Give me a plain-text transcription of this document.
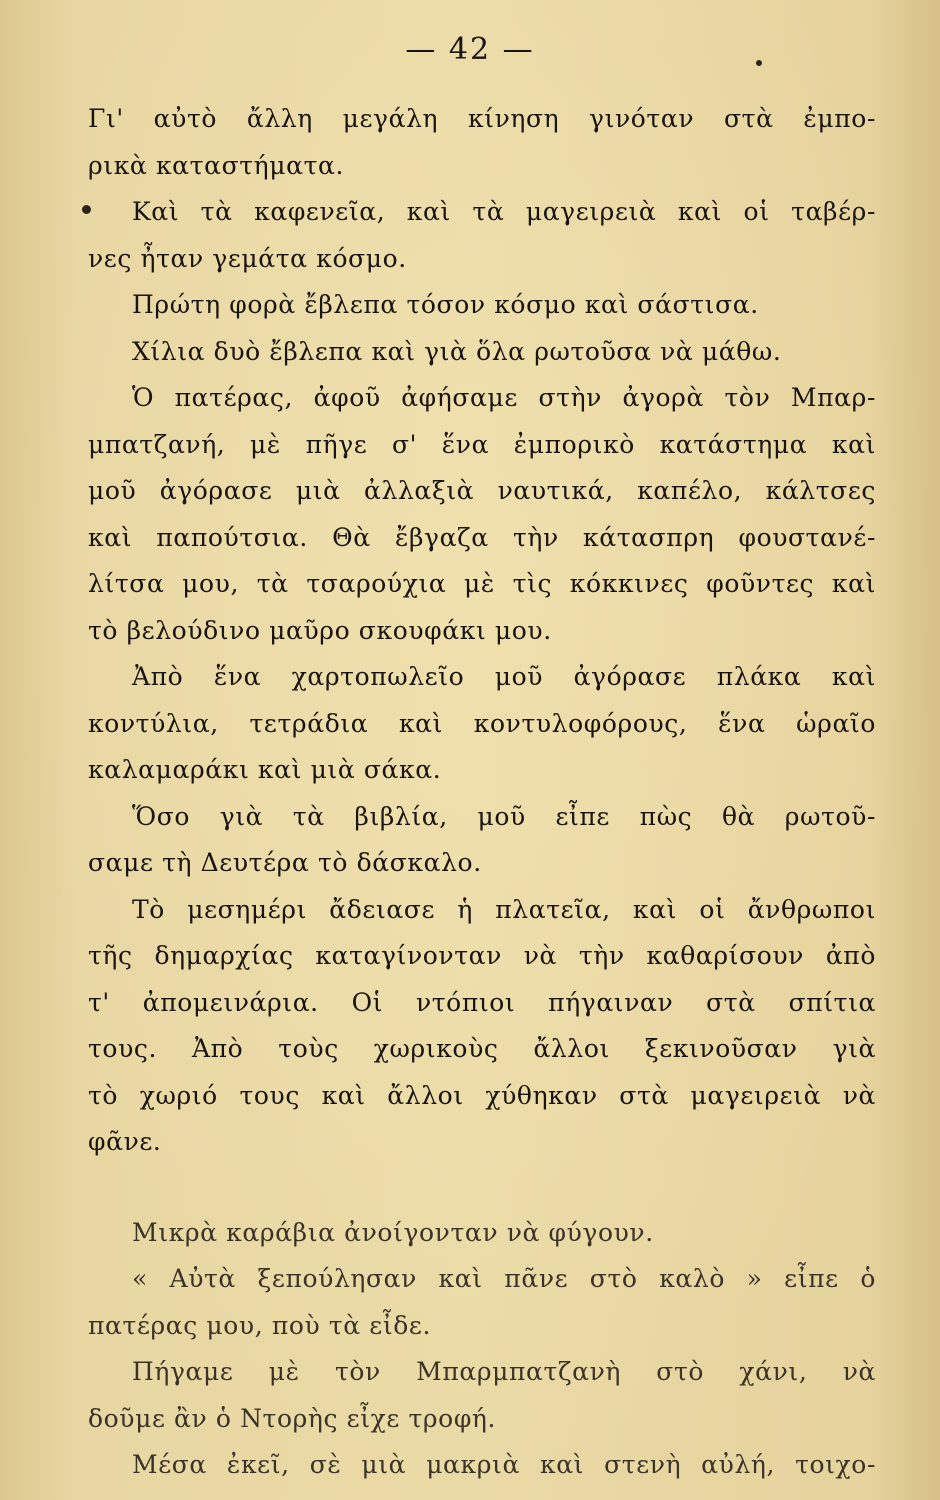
— 42 —
Γι' αὐτὸ ἄλλη μεγάλη κίνηση γινόταν στὰ ἐμπο-
ρικὰ καταστήματα.
Καὶ τὰ καφενεῖα, καὶ τὰ μαγειρειὰ καὶ οἱ ταβέρ-
νες ἦταν γεμάτα κόσμο.
Πρώτη φορὰ ἔβλεπα τόσον κόσμο καὶ σάστισα.
Χίλια δυὸ ἔβλεπα καὶ γιὰ ὅλα ρωτοῦσα νὰ μάθω.
Ὁ πατέρας, ἀφοῦ ἀφήσαμε στὴν ἀγορὰ τὸν Μπαρ-
μπατζανή, μὲ πῆγε σ' ἕνα ἐμπορικὸ κατάστημα καὶ
μοῦ ἀγόρασε μιὰ ἀλλαξιὰ ναυτικά, καπέλο, κάλτσες
καὶ παπούτσια. Θὰ ἔβγαζα τὴν κάτασπρη φουστανέ-
λίτσα μου, τὰ τσαρούχια μὲ τὶς κόκκινες φοῦντες καὶ
τὸ βελούδινο μαῦρο σκουφάκι μου.
Ἀπὸ ἕνα χαρτοπωλεῖο μοῦ ἀγόρασε πλάκα καὶ
κοντύλια, τετράδια καὶ κοντυλοφόρους, ἕνα ὡραῖο
καλαμαράκι καὶ μιὰ σάκα.
Ὅσο γιὰ τὰ βιβλία, μοῦ εἶπε πὼς θὰ ρωτοῦ-
σαμε τὴ Δευτέρα τὸ δάσκαλο.
Τὸ μεσημέρι ἄδειασε ἡ πλατεῖα, καὶ οἱ ἄνθρωποι
τῆς δημαρχίας καταγίνονταν νὰ τὴν καθαρίσουν ἀπὸ
τ' ἀπομεινάρια. Οἱ ντόπιοι πήγαιναν στὰ σπίτια
τους. Ἀπὸ τοὺς χωρικοὺς ἄλλοι ξεκινοῦσαν γιὰ
τὸ χωριό τους καὶ ἄλλοι χύθηκαν στὰ μαγειρειὰ νὰ
φᾶνε.
Μικρὰ καράβια ἀνοίγονταν νὰ φύγουν.
« Αὐτὰ ξεπούλησαν καὶ πᾶνε στὸ καλὸ » εἶπε ὁ
πατέρας μου, ποὺ τὰ εἶδε.
Πήγαμε μὲ τὸν Μπαρμπατζανὴ στὸ χάνι, νὰ
δοῦμε ἂν ὁ Ντορὴς εἶχε τροφή.
Μέσα ἐκεῖ, σὲ μιὰ μακριὰ καὶ στενὴ αὐλή, τοιχο-
